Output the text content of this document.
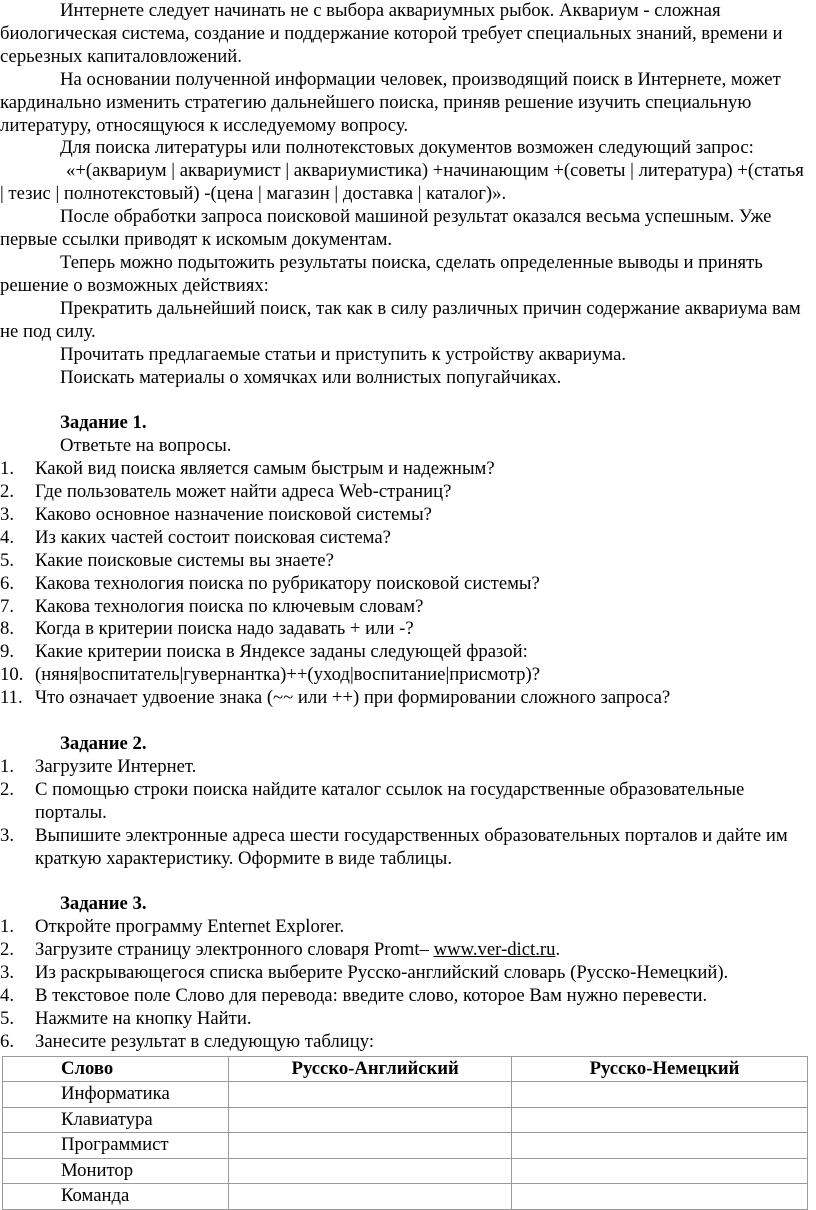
Интернете следует начинать не с выбора аквариумных рыбок. Аквариум - сложная биологическая система, создание и поддержание которой требует специальных знаний, времени и серьезных капиталовложений.

На основании полученной информации человек, производящий поиск в Интернете, может кардинально изменить стратегию дальнейшего поиска, приняв решение изучить специальную литературу, относящуюся к исследуемому вопросу.

Для поиска литературы или полнотекстовых документов возможен следующий запрос:

«+(аквариум | аквариумист | аквариумистика) +начинающим +(советы | литература) +(статья | тезис | полнотекстовый) -(цена | магазин | доставка | каталог)».

После обработки запроса поисковой машиной результат оказался весьма успешным. Уже первые ссылки приводят к искомым документам.

Теперь можно подытожить результаты поиска, сделать определенные выводы и принять решение о возможных действиях:

Прекратить дальнейший поиск, так как в силу различных причин содержание аквариума вам не под силу.

Прочитать предлагаемые статьи и приступить к устройству аквариума.

Поискать материалы о хомячках или волнистых попугайчиках.

Задание 1.

Ответьте на вопросы.

1. Какой вид поиска является самым быстрым и надежным?
2. Где пользователь может найти адреса Web-страниц?
3. Каково основное назначение поисковой системы?
4. Из каких частей состоит поисковая система?
5. Какие поисковые системы вы знаете?
6. Какова технология поиска по рубрикатору поисковой системы?
7. Какова технология поиска по ключевым словам?
8. Когда в критерии поиска надо задавать + или -?
9. Какие критерии поиска в Яндексе заданы следующей фразой:
10. (няня|воспитатель|гувернантка)++(уход|воспитание|присмотр)?
11. Что означает удвоение знака (~~ или ++) при формировании сложного запроса?
Задание 2.
1. Загрузите Интернет.
2. С помощью строки поиска найдите каталог ссылок на государственные образовательные порталы.
3. Выпишите электронные адреса шести государственных образовательных порталов и дайте им краткую характеристику. Оформите в виде таблицы.
Задание 3.
1. Откройте программу Enternet Explorer.
2. Загрузите страницу электронного словаря Promt– www.ver-dict.ru.
3. Из раскрывающегося списка выберите Русско-английский словарь (Русско-Немецкий).
4. В текстовое поле Слово для перевода: введите слово, которое Вам нужно перевести.
5. Нажмите на кнопку Найти.
6. Занесите результат в следующую таблицу:
Слово	Русско-Английский	Русско-Немецкий
Информатика		
Клавиатура		
Программист		
Монитор		
Команда		
